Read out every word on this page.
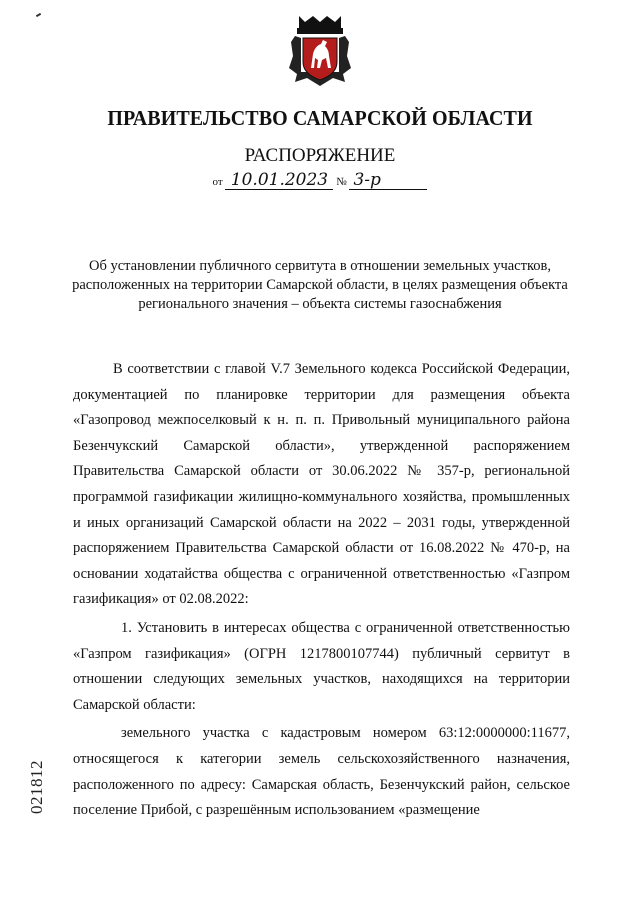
ПРАВИТЕЛЬСТВО САМАРСКОЙ ОБЛАСТИ
РАСПОРЯЖЕНИЕ
от 10.01.2023 № 3-р
Об установлении публичного сервитута в отношении земельных участков, расположенных на территории Самарской области, в целях размещения объекта регионального значения – объекта системы газоснабжения

В соответствии с главой V.7 Земельного кодекса Российской Федерации, документацией по планировке территории для размещения объекта «Газопровод межпоселковый к н. п. п. Привольный муниципального района Безенчукский Самарской области», утвержденной распоряжением Правительства Самарской области от 30.06.2022 № 357-р, региональной программой газификации жилищно-коммунального хозяйства, промышленных и иных организаций Самарской области на 2022 – 2031 годы, утвержденной распоряжением Правительства Самарской области от 16.08.2022 № 470-р, на основании ходатайства общества с ограниченной ответственностью «Газпром газификация» от 02.08.2022:

1. Установить в интересах общества с ограниченной ответственностью «Газпром газификация» (ОГРН 1217800107744) публичный сервитут в отношении следующих земельных участков, находящихся на территории Самарской области:

земельного участка с кадастровым номером 63:12:0000000:11677, относящегося к категории земель сельскохозяйственного назначения, расположенного по адресу: Самарская область, Безенчукский район, сельское поселение Прибой, с разрешённым использованием «размещение

021812
